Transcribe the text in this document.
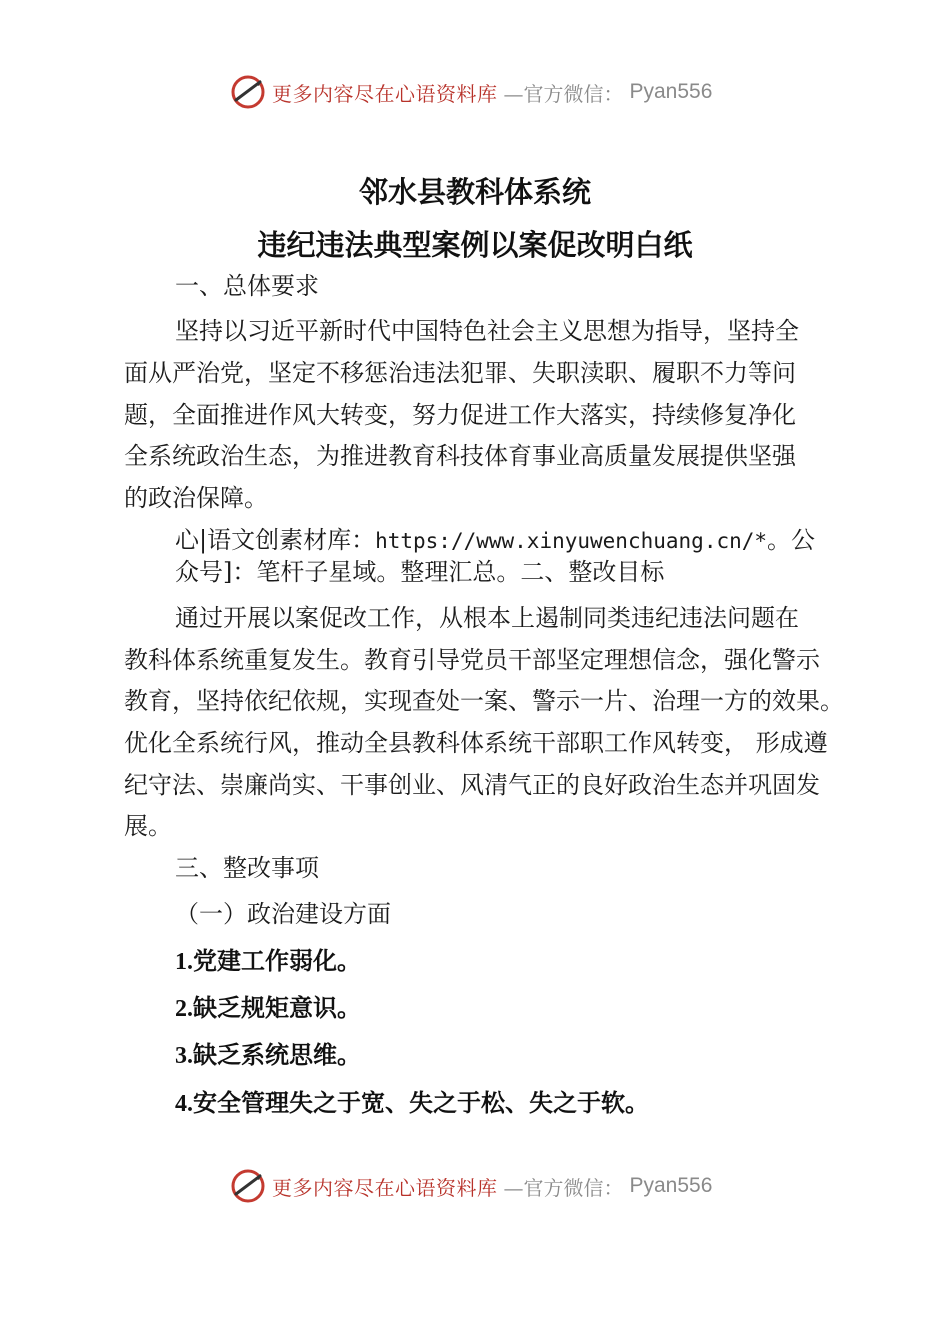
更多内容尽在心语资料库 —官方微信： Pyan556
邻水县教科体系统
违纪违法典型案例以案促改明白纸
一、总体要求
坚持以习近平新时代中国特色社会主义思想为指导，坚持全
面从严治党，坚定不移惩治违法犯罪、失职渎职、履职不力等问
题，全面推进作风大转变，努力促进工作大落实，持续修复净化
全系统政治生态，为推进教育科技体育事业高质量发展提供坚强
的政治保障。
心|语文创素材库：https://www.xinyuwenchuang.cn/*。公
众号]：笔杆子星域。整理汇总。二、整改目标
通过开展以案促改工作，从根本上遏制同类违纪违法问题在
教科体系统重复发生。教育引导党员干部坚定理想信念，强化警示
教育，坚持依纪依规，实现查处一案、警示一片、治理一方的效果。
优化全系统行风，推动全县教科体系统干部职工作风转变， 形成遵
纪守法、崇廉尚实、干事创业、风清气正的良好政治生态并巩固发
展。
三、整改事项
（一）政治建设方面
1.党建工作弱化。
2.缺乏规矩意识。
3.缺乏系统思维。
4.安全管理失之于宽、失之于松、失之于软。
更多内容尽在心语资料库 —官方微信： Pyan556
